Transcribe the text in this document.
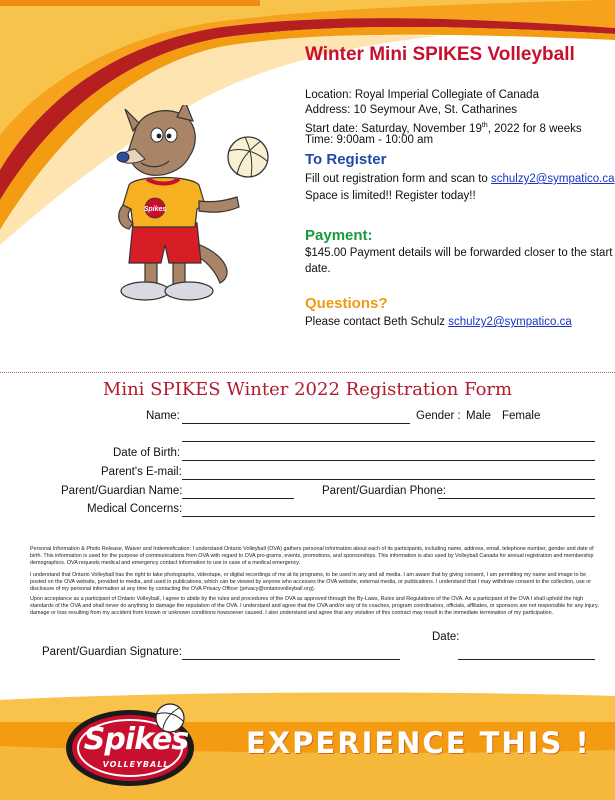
Spikes
Winter Mini SPIKES Volleyball
Location: Royal Imperial Collegiate of Canada
Address: 10 Seymour Ave, St. Catharines
Start date: Saturday, November 19th, 2022 for 8 weeks
Time: 9:00am - 10:00 am
To Register
Fill out registration form and scan to schulzy2@sympatico.ca
Space is limited!! Register today!!
Payment:
$145.00 Payment details will be forwarded closer to the start
date.
Questions?
Please contact Beth Schulz schulzy2@sympatico.ca
Mini SPIKES Winter 2022 Registration Form
Name:	Gender : Male Female
Date of Birth:
Parent's E-mail:
Parent/Guardian Name:	Parent/Guardian Phone:
Medical Concerns:
Personal Information & Photo Release, Waiver and Indemnification: I understand Ontario Volleyball (OVA) gathers personal information about each of its participants, including name, address, email, telephone number, gender and date of birth. This information is used for the purpose of communications from OVA with regard to OVA pro-grams, events, promotions, and sponsorships. This information is also used by Volleyball Canada for annual registration and membership demographics. OVA requests medical and emergency contact information to use in case of a medical emergency.
I understand that Ontario Volleyball has the right to take photographs, videotape, or digital recordings of me at its programs, to be used in any and all media. I am aware that by giving consent, I am permitting my name and image to be posted on the OVA website, provided to media, and used in publications, which can be viewed by anyone who accesses the OVA website, external media, or publications. I understand that I may withdraw consent to the collection, use or disclosure of my personal information at any time by contacting the OVA Privacy Officer (privacy@ontariovolleyball.org).
Upon acceptance as a participant of Ontario Volleyball, I agree to abide by the rules and procedures of the OVA as approved through the By-Laws, Rules and Regulations of the OVA. As a participant of the OVA I shall uphold the high standards of the OVA and shall never do anything to damage the reputation of the OVA. I understand and agree that the OVA and/or any of its coaches, program coordinators, officials, affiliates, or sponsors are not responsible for any injury, damage or loss resulting from my accident from known or unknown conditions howsoever caused. I also understand and agree that any violation of this contract may result in the immediate termination of my participation.
Date:
Parent/Guardian Signature:
Spikes
VOLLEYBALL
EXPERIENCE THIS !
